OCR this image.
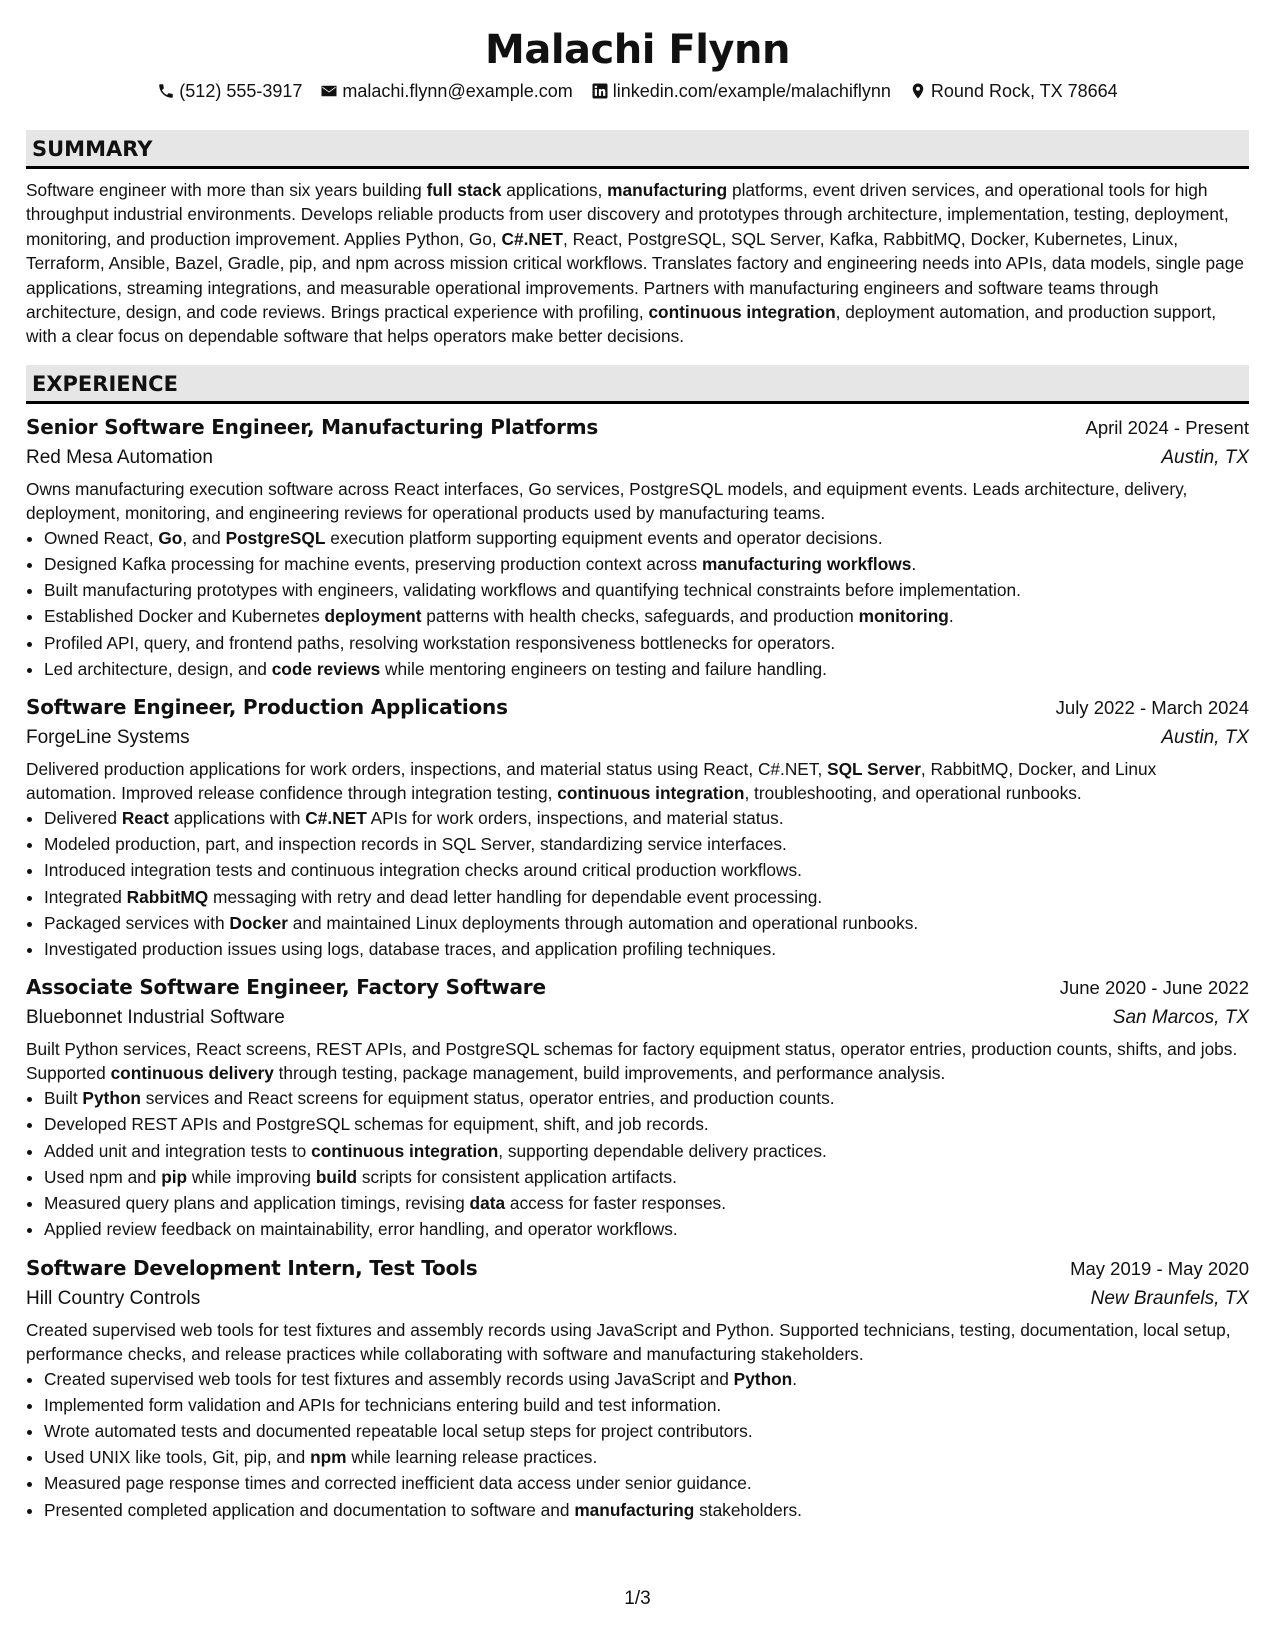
Malachi Flynn
(512) 555-3917 malachi.flynn@example.com linkedin.com/example/malachiflynn Round Rock, TX 78664
SUMMARY

Software engineer with more than six years building full stack applications, manufacturing platforms, event driven services, and operational tools for high throughput industrial environments. Develops reliable products from user discovery and prototypes through architecture, implementation, testing, deployment, monitoring, and production improvement. Applies Python, Go, C#.NET, React, PostgreSQL, SQL Server, Kafka, RabbitMQ, Docker, Kubernetes, Linux, Terraform, Ansible, Bazel, Gradle, pip, and npm across mission critical workflows. Translates factory and engineering needs into APIs, data models, single page applications, streaming integrations, and measurable operational improvements. Partners with manufacturing engineers and software teams through architecture, design, and code reviews. Brings practical experience with profiling, continuous integration, deployment automation, and production support, with a clear focus on dependable software that helps operators make better decisions.

EXPERIENCE
Senior Software Engineer, Manufacturing Platforms	April 2024 - Present
Red Mesa Automation	Austin, TX

Owns manufacturing execution software across React interfaces, Go services, PostgreSQL models, and equipment events. Leads architecture, delivery, deployment, monitoring, and engineering reviews for operational products used by manufacturing teams.

• Owned React, Go, and PostgreSQL execution platform supporting equipment events and operator decisions.
• Designed Kafka processing for machine events, preserving production context across manufacturing workflows.
• Built manufacturing prototypes with engineers, validating workflows and quantifying technical constraints before implementation.
• Established Docker and Kubernetes deployment patterns with health checks, safeguards, and production monitoring.
• Profiled API, query, and frontend paths, resolving workstation responsiveness bottlenecks for operators.
• Led architecture, design, and code reviews while mentoring engineers on testing and failure handling.
Software Engineer, Production Applications	July 2022 - March 2024
ForgeLine Systems	Austin, TX

Delivered production applications for work orders, inspections, and material status using React, C#.NET, SQL Server, RabbitMQ, Docker, and Linux automation. Improved release confidence through integration testing, continuous integration, troubleshooting, and operational runbooks.

• Delivered React applications with C#.NET APIs for work orders, inspections, and material status.
• Modeled production, part, and inspection records in SQL Server, standardizing service interfaces.
• Introduced integration tests and continuous integration checks around critical production workflows.
• Integrated RabbitMQ messaging with retry and dead letter handling for dependable event processing.
• Packaged services with Docker and maintained Linux deployments through automation and operational runbooks.
• Investigated production issues using logs, database traces, and application profiling techniques.
Associate Software Engineer, Factory Software	June 2020 - June 2022
Bluebonnet Industrial Software	San Marcos, TX

Built Python services, React screens, REST APIs, and PostgreSQL schemas for factory equipment status, operator entries, production counts, shifts, and jobs. Supported continuous delivery through testing, package management, build improvements, and performance analysis.

• Built Python services and React screens for equipment status, operator entries, and production counts.
• Developed REST APIs and PostgreSQL schemas for equipment, shift, and job records.
• Added unit and integration tests to continuous integration, supporting dependable delivery practices.
• Used npm and pip while improving build scripts for consistent application artifacts.
• Measured query plans and application timings, revising data access for faster responses.
• Applied review feedback on maintainability, error handling, and operator workflows.
Software Development Intern, Test Tools	May 2019 - May 2020
Hill Country Controls	New Braunfels, TX

Created supervised web tools for test fixtures and assembly records using JavaScript and Python. Supported technicians, testing, documentation, local setup, performance checks, and release practices while collaborating with software and manufacturing stakeholders.

• Created supervised web tools for test fixtures and assembly records using JavaScript and Python.
• Implemented form validation and APIs for technicians entering build and test information.
• Wrote automated tests and documented repeatable local setup steps for project contributors.
• Used UNIX like tools, Git, pip, and npm while learning release practices.
• Measured page response times and corrected inefficient data access under senior guidance.
• Presented completed application and documentation to software and manufacturing stakeholders.
1/3
